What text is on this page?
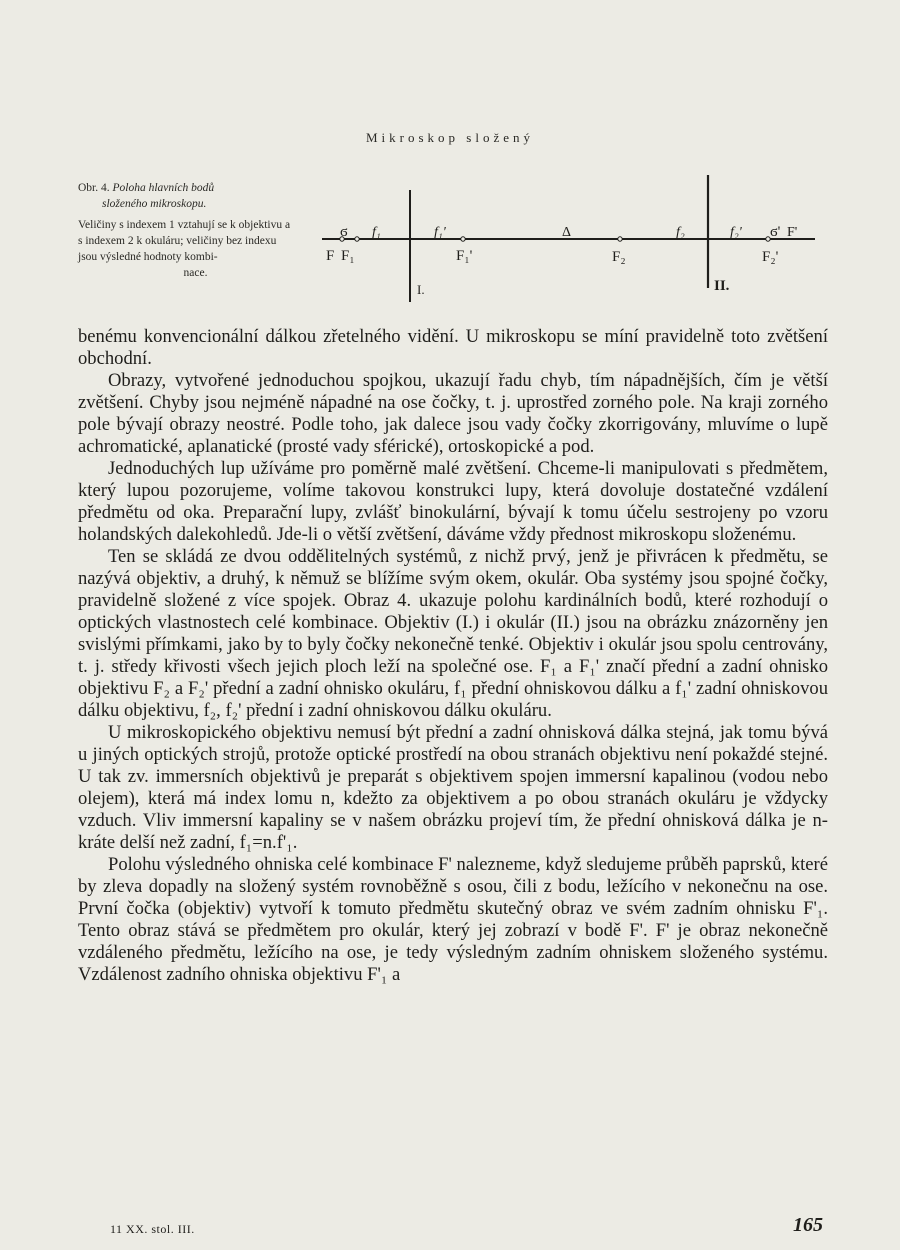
Mikroskop složený

Obr. 4. Poloha hlavních bodů
složeného mikroskopu.

Veličiny s indexem 1 vztahují se k objektivu a s indexem 2 k okuláru; veličiny bez indexu jsou výsledné hodnoty kombi-
nace.

ϭ f₁	f₁'	Δ	f₂	f₂' ϭ' F'
F F₁	F₁'	F₂	F₂'
I.	II.

benému konvencionální dálkou zřetelného vidění. U mikroskopu se míní pravidelně toto zvětšení obchodní.

Obrazy, vytvořené jednoduchou spojkou, ukazují řadu chyb, tím nápadnějších, čím je větší zvětšení. Chyby jsou nejméně nápadné na ose čočky, t. j. uprostřed zorného pole. Na kraji zorného pole bývají obrazy neostré. Podle toho, jak dalece jsou vady čočky zkorrigovány, mluvíme o lupě achromatické, aplanatické (prosté vady sférické), ortoskopické a pod.

Jednoduchých lup užíváme pro poměrně malé zvětšení. Chceme-li manipulovati s předmětem, který lupou pozorujeme, volíme takovou konstrukci lupy, která dovoluje dostatečné vzdálení předmětu od oka. Preparační lupy, zvlášť binokulární, bývají k tomu účelu sestrojeny po vzoru holandských dalekohledů. Jde-li o větší zvětšení, dáváme vždy přednost mikroskopu složenému.

Ten se skládá ze dvou oddělitelných systémů, z nichž prvý, jenž je přivrácen k předmětu, se nazývá objektiv, a druhý, k němuž se blížíme svým okem, okulár. Oba systémy jsou spojné čočky, pravidelně složené z více spojek. Obraz 4. ukazuje polohu kardinálních bodů, které rozhodují o optických vlastnostech celé kombinace. Objektiv (I.) i okulár (II.) jsou na obrázku znázorněny jen svislými přímkami, jako by to byly čočky nekonečně tenké. Objektiv i okulár jsou spolu centrovány, t. j. středy křivosti všech jejich ploch leží na společné ose. F₁ a F₁' značí přední a zadní ohnisko objektivu F₂ a F₂' přední a zadní ohnisko okuláru, f₁ přední ohniskovou dálku a f₁' zadní ohniskovou dálku objektivu, f₂, f₂' přední i zadní ohniskovou dálku okuláru.

U mikroskopického objektivu nemusí být přední a zadní ohnisková dálka stejná, jak tomu bývá u jiných optických strojů, protože optické prostředí na obou stranách objektivu není pokaždé stejné. U tak zv. immersních objektivů je preparát s objektivem spojen immersní kapalinou (vodou nebo olejem), která má index lomu n, kdežto za objektivem a po obou stranách okuláru je vždycky vzduch. Vliv immersní kapaliny se v našem obrázku projeví tím, že přední ohnisková dálka je n-kráte delší než zadní, f₁=n.f'₁.

Polohu výsledného ohniska celé kombinace F' nalezneme, když sledujeme průběh paprsků, které by zleva dopadly na složený systém rovnoběžně s osou, čili z bodu, ležícího v nekonečnu na ose. První čočka (objektiv) vytvoří k tomuto předmětu skutečný obraz ve svém zadním ohnisku F'₁. Tento obraz stává se předmětem pro okulár, který jej zobrazí v bodě F'. F' je obraz nekonečně vzdáleného předmětu, ležícího na ose, je tedy výsledným zadním ohniskem složeného systému. Vzdálenost zadního ohniska objektivu F'₁ a

11 XX. stol. III.	165
